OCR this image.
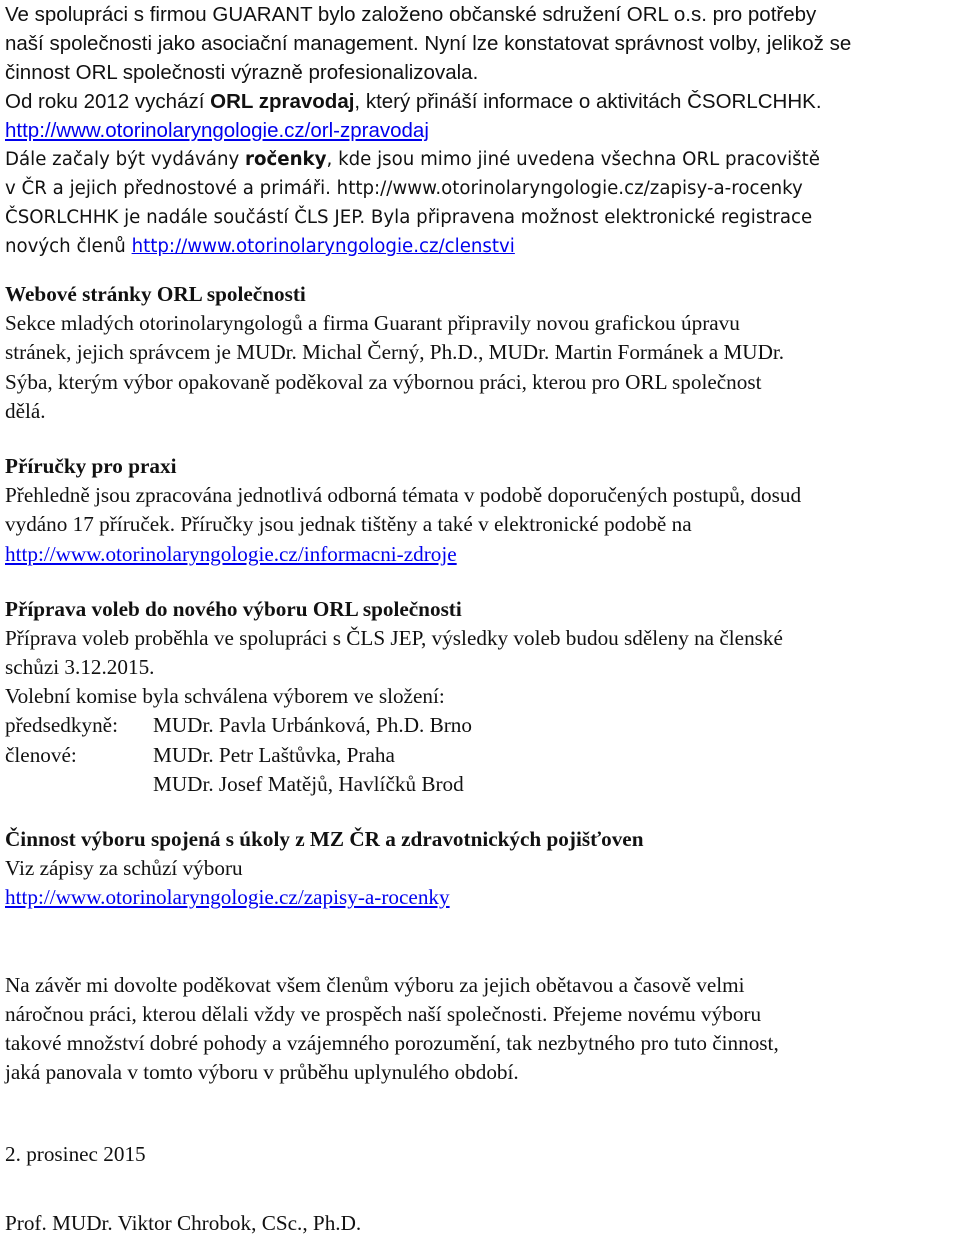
Ve spolupráci s firmou GUARANT bylo založeno občanské sdružení ORL o.s. pro potřeby
naší společnosti jako asociační management. Nyní lze konstatovat správnost volby, jelikož se
činnost ORL společnosti výrazně profesionalizovala.
Od roku 2012 vychází ORL zpravodaj, který přináší informace o aktivitách ČSORLCHHK.
http://www.otorinolaryngologie.cz/orl-zpravodaj
Dále začaly být vydávány ročenky, kde jsou mimo jiné uvedena všechna ORL pracoviště
v ČR a jejich přednostové a primáři. http://www.otorinolaryngologie.cz/zapisy-a-rocenky
ČSORLCHHK je nadále součástí ČLS JEP. Byla připravena možnost elektronické registrace
nových členů http://www.otorinolaryngologie.cz/clenstvi
Webové stránky ORL společnosti
Sekce mladých otorinolaryngologů a firma Guarant připravily novou grafickou úpravu
stránek, jejich správcem je MUDr. Michal Černý, Ph.D., MUDr. Martin Formánek a MUDr.
Sýba, kterým výbor opakovaně poděkoval za výbornou práci, kterou pro ORL společnost
dělá.
Příručky pro praxi
Přehledně jsou zpracována jednotlivá odborná témata v podobě doporučených postupů, dosud
vydáno 17 příruček. Příručky jsou jednak tištěny a také v elektronické podobě na
http://www.otorinolaryngologie.cz/informacni-zdroje
Příprava voleb do nového výboru ORL společnosti
Příprava voleb proběhla ve spolupráci s ČLS JEP, výsledky voleb budou sděleny na členské
schůzi 3.12.2015.
Volební komise byla schválena výborem ve složení:
předsedkyně: MUDr. Pavla Urbánková, Ph.D. Brno
členové:	MUDr. Petr Laštůvka, Praha
MUDr. Josef Matějů, Havlíčků Brod
Činnost výboru spojená s úkoly z MZ ČR a zdravotnických pojišťoven
Viz zápisy za schůzí výboru
http://www.otorinolaryngologie.cz/zapisy-a-rocenky
Na závěr mi dovolte poděkovat všem členům výboru za jejich obětavou a časově velmi
náročnou práci, kterou dělali vždy ve prospěch naší společnosti. Přejeme novému výboru
takové množství dobré pohody a vzájemného porozumění, tak nezbytného pro tuto činnost,
jaká panovala v tomto výboru v průběhu uplynulého období.
2. prosinec 2015
Prof. MUDr. Viktor Chrobok, CSc., Ph.D.
